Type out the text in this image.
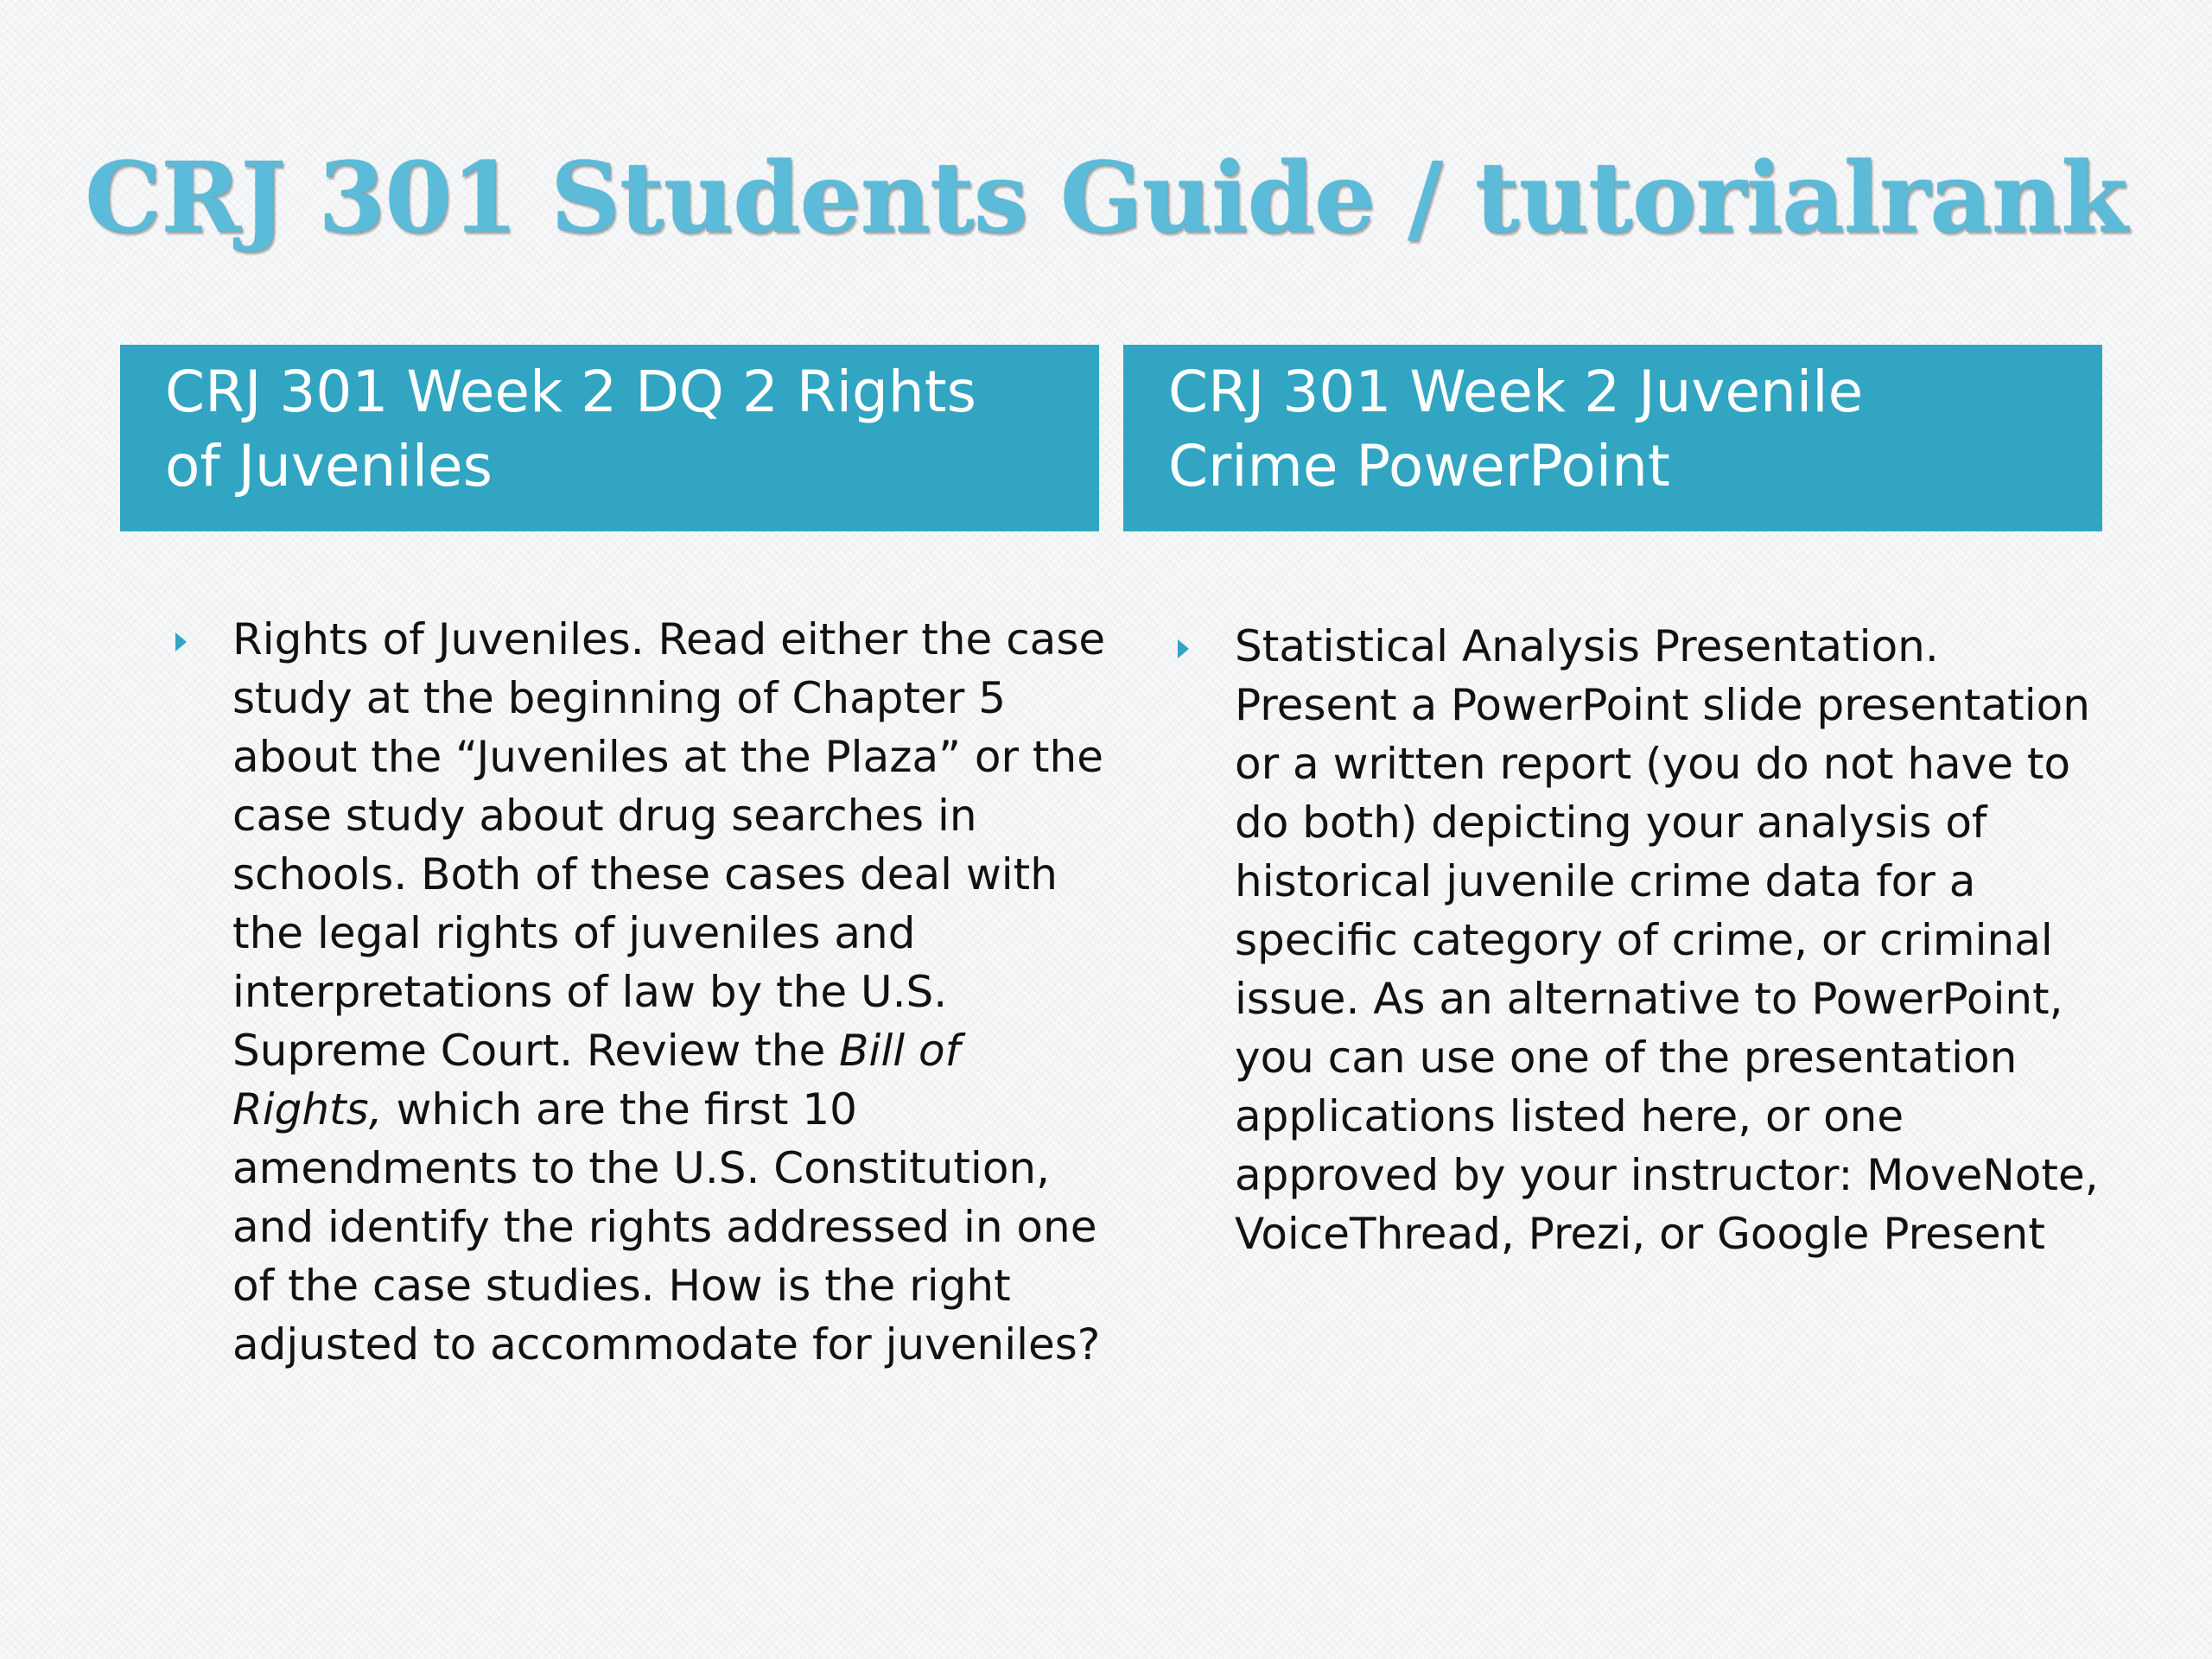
CRJ 301 Students Guide / tutorialrank
CRJ 301 Week 2 DQ 2 Rights
of Juveniles
CRJ 301 Week 2 Juvenile
Crime PowerPoint
Rights of Juveniles. Read either the case study at the beginning of Chapter 5 about the “Juveniles at the Plaza” or the case study about drug searches in schools. Both of these cases deal with the legal rights of juveniles and interpretations of law by the U.S. Supreme Court. Review the Bill of Rights, which are the first 10 amendments to the U.S. Constitution, and identify the rights addressed in one of the case studies. How is the right adjusted to accommodate for juveniles?
Statistical Analysis Presentation. Present a PowerPoint slide presentation or a written report (you do not have to do both) depicting your analysis of historical juvenile crime data for a specific category of crime, or criminal issue. As an alternative to PowerPoint, you can use one of the presentation applications listed here, or one approved by your instructor: MoveNote, VoiceThread, Prezi, or Google Present
